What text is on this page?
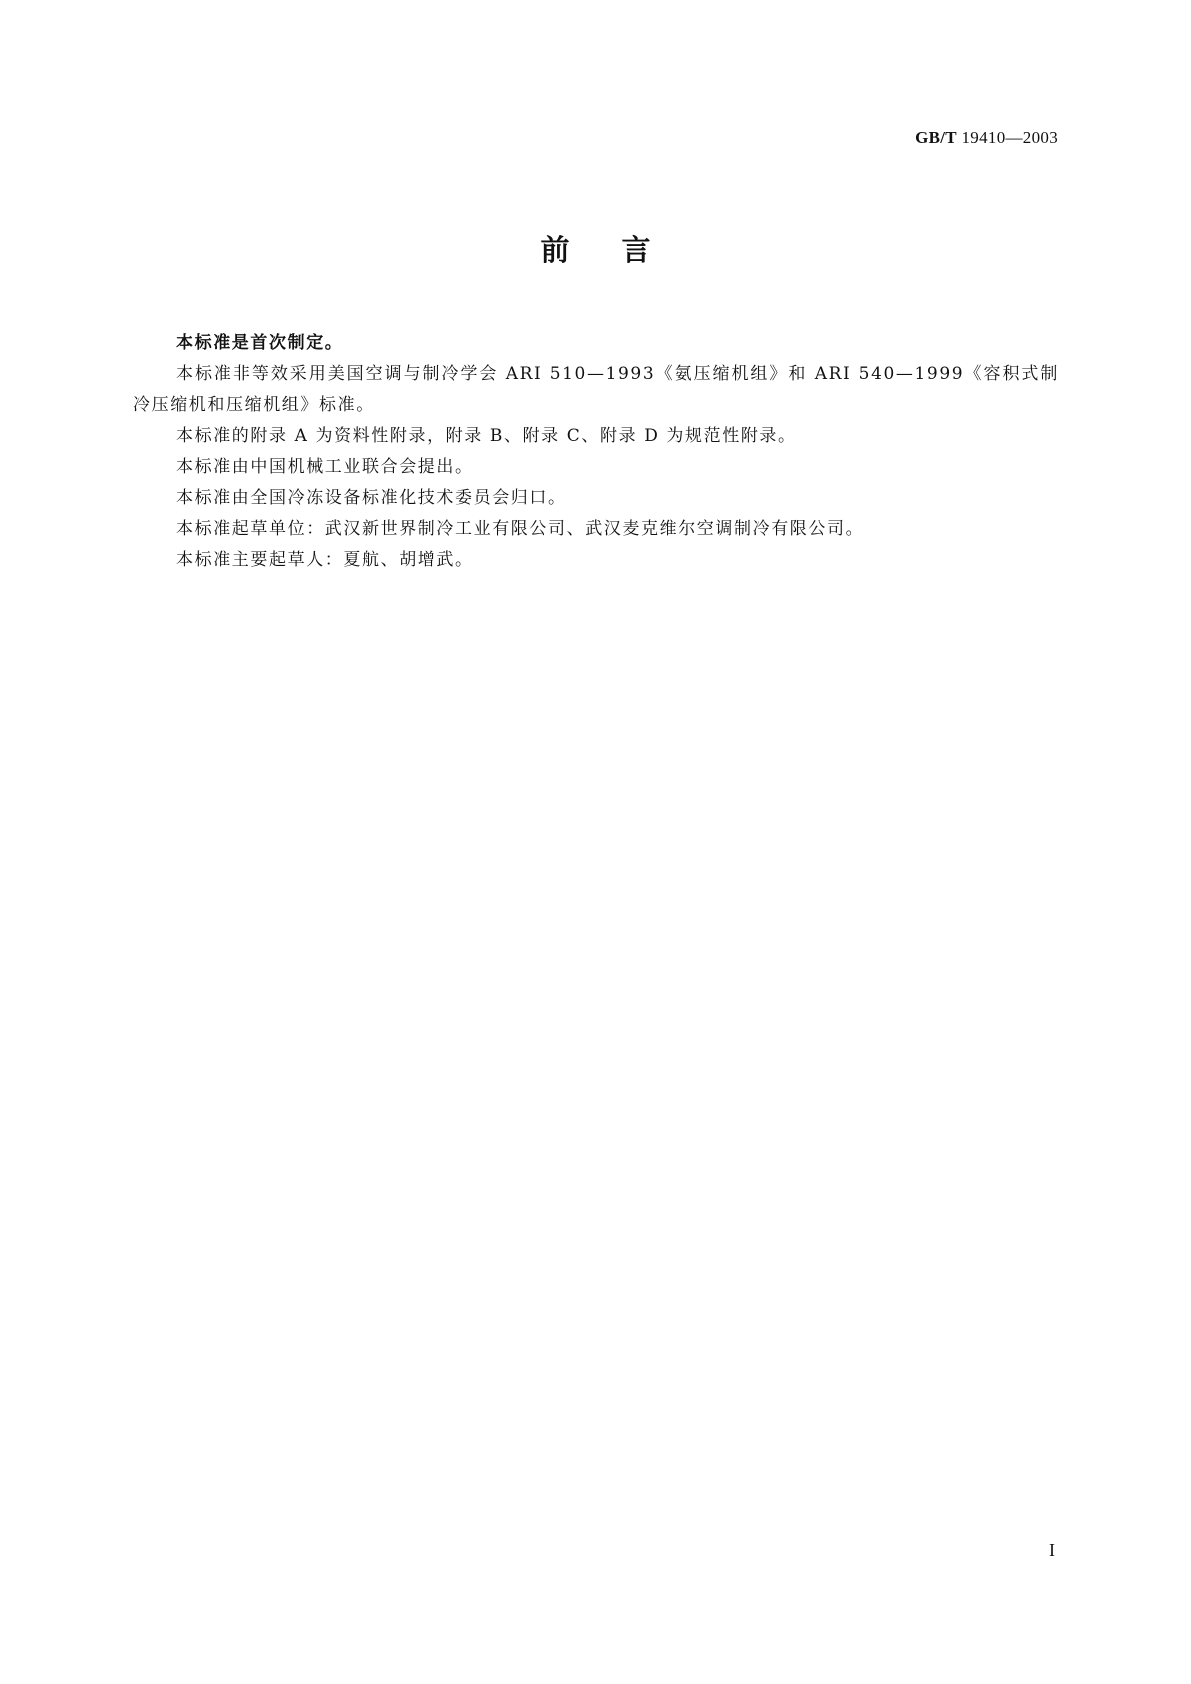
GB/T 19410—2003
前言

本标准是首次制定。

本标准非等效采用美国空调与制冷学会 ARI 510—1993《氨压缩机组》和 ARI 540—1999《容积式制冷压缩机和压缩机组》标准。

本标准的附录 A 为资料性附录，附录 B、附录 C、附录 D 为规范性附录。

本标准由中国机械工业联合会提出。

本标准由全国冷冻设备标准化技术委员会归口。

本标准起草单位：武汉新世界制冷工业有限公司、武汉麦克维尔空调制冷有限公司。

本标准主要起草人：夏航、胡增武。

I
